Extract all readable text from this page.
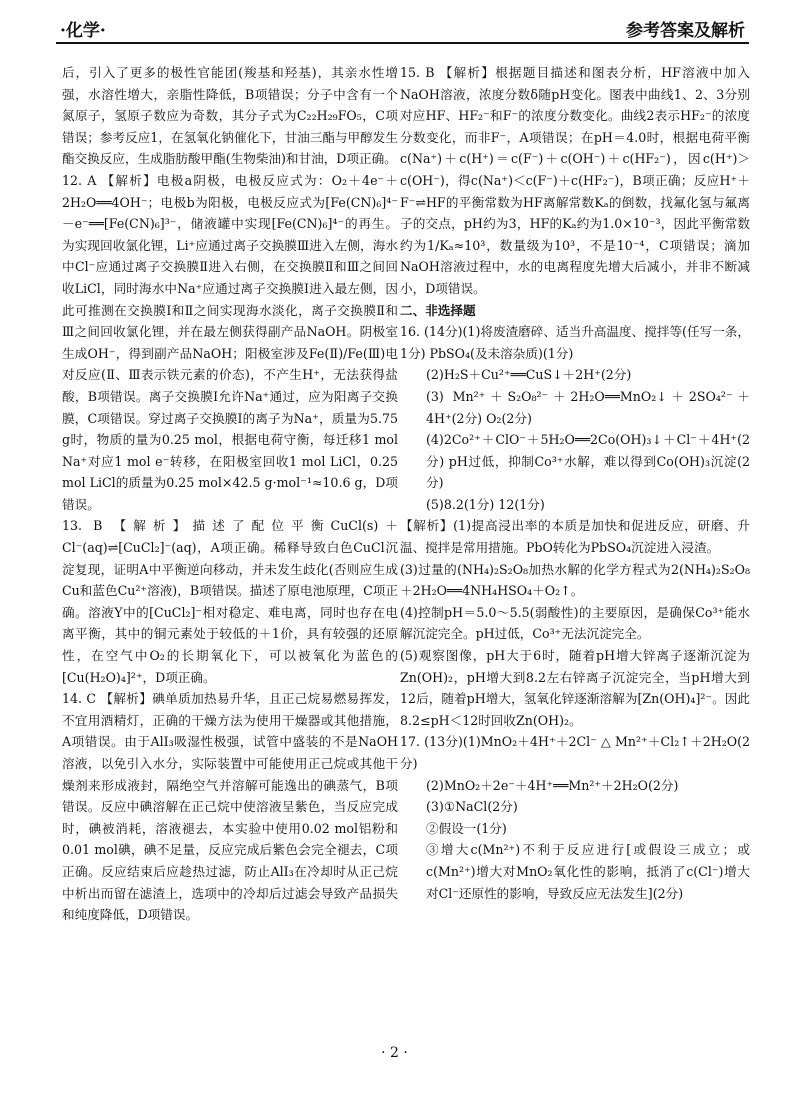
·化学·	参考答案及解析

后，引入了更多的极性官能团(羧基和羟基)，其亲水性增强，水溶性增大，亲脂性降低，B项错误；分子中含有一个氮原子，氢原子数应为奇数，其分子式为C₂₂H₂₉FO₅，C项错误；参考反应1，在氢氧化钠催化下，甘油三酯与甲醇发生酯交换反应，生成脂肪酸甲酯(生物柴油)和甘油，D项正确。

12. A 【解析】电极a阴极，电极反应式为：O₂＋4e⁻＋2H₂O══4OH⁻；电极b为阳极，电极反应式为[Fe(CN)₆]⁴⁻－e⁻══[Fe(CN)₆]³⁻，储液罐中实现[Fe(CN)₆]⁴⁻的再生。为实现回收氯化锂，Li⁺应通过离子交换膜Ⅲ进入左侧，海水中Cl⁻应通过离子交换膜Ⅱ进入右侧，在交换膜Ⅱ和Ⅲ之间回收LiCl，同时海水中Na⁺应通过离子交换膜Ⅰ进入最左侧，因此可推测在交换膜Ⅰ和Ⅱ之间实现海水淡化，离子交换膜Ⅱ和Ⅲ之间回收氯化锂，并在最左侧获得副产品NaOH。阴极室生成OH⁻，得到副产品NaOH；阳极室涉及Fe(Ⅱ)/Fe(Ⅲ)电对反应(Ⅱ、Ⅲ表示铁元素的价态)，不产生H⁺，无法获得盐酸，B项错误。离子交换膜Ⅰ允许Na⁺通过，应为阳离子交换膜，C项错误。穿过离子交换膜Ⅰ的离子为Na⁺，质量为5.75 g时，物质的量为0.25 mol，根据电荷守衡，每迁移1 mol Na⁺对应1 mol e⁻转移，在阳极室回收1 mol LiCl，0.25 mol LiCl的质量为0.25 mol×42.5 g·mol⁻¹≈10.6 g，D项错误。

13. B 【解析】描述了配位平衡CuCl(s)＋Cl⁻(aq)⇌[CuCl₂]⁻(aq)，A项正确。稀释导致白色CuCl沉淀复现，证明A中平衡逆向移动，并未发生歧化(否则应生成Cu和蓝色Cu²⁺溶液)，B项错误。描述了原电池原理，C项正确。溶液Y中的[CuCl₂]⁻相对稳定、难电离，同时也存在电离平衡，其中的铜元素处于较低的＋1价，具有较强的还原性，在空气中O₂的长期氧化下，可以被氧化为蓝色的[Cu(H₂O)₄]²⁺，D项正确。

14. C 【解析】碘单质加热易升华，且正己烷易燃易挥发，不宜用酒精灯，正确的干燥方法为使用干燥器或其他措施，A项错误。由于AlI₃吸湿性极强，试管中盛装的不是NaOH溶液，以免引入水分，实际装置中可能使用正己烷或其他干燥剂来形成液封，隔绝空气并溶解可能逸出的碘蒸气，B项错误。反应中碘溶解在正己烷中使溶液呈紫色，当反应完成时，碘被消耗，溶液褪去，本实验中使用0.02 mol铝粉和0.01 mol碘，碘不足量，反应完成后紫色会完全褪去，C项正确。反应结束后应趁热过滤，防止AlI₃在冷却时从正己烷中析出而留在滤渣上，选项中的冷却后过滤会导致产品损失和纯度降低，D项错误。

15. B 【解析】根据题目描述和图表分析，HF溶液中加入NaOH溶液，浓度分数δ随pH变化。图表中曲线1、2、3分别对应HF、HF₂⁻和F⁻的浓度分数变化。曲线2表示HF₂⁻的浓度分数变化，而非F⁻，A项错误；在pH＝4.0时，根据电荷平衡c(Na⁺)＋c(H⁺)＝c(F⁻)＋c(OH⁻)＋c(HF₂⁻)，因c(H⁺)＞c(OH⁻)，得c(Na⁺)＜c(F⁻)＋c(HF₂⁻)，B项正确；反应H⁺＋F⁻⇌HF的平衡常数为HF离解常数Kₐ的倒数，找氟化氢与氟离子的交点，pH约为3，HF的Kₐ约为1.0×10⁻³，因此平衡常数约为1/Kₐ≈10³，数量级为10³，不是10⁻⁴，C项错误；滴加NaOH溶液过程中，水的电离程度先增大后减小，并非不断减小，D项错误。

二、非选择题

16. (14分)(1)将废渣磨碎、适当升高温度、搅拌等(任写一条，1分) PbSO₄(及未溶杂质)(1分)

(2)H₂S＋Cu²⁺══CuS↓＋2H⁺(2分)

(3) Mn²⁺＋S₂O₈²⁻＋2H₂O══MnO₂↓＋2SO₄²⁻＋4H⁺(2分) O₂(2分)

(4)2Co²⁺＋ClO⁻＋5H₂O══2Co(OH)₃↓＋Cl⁻＋4H⁺(2分) pH过低，抑制Co³⁺水解，难以得到Co(OH)₃沉淀(2分)

(5)8.2(1分) 12(1分)

【解析】(1)提高浸出率的本质是加快和促进反应，研磨、升温、搅拌是常用措施。PbO转化为PbSO₄沉淀进入浸渣。

(3)过量的(NH₄)₂S₂O₈加热水解的化学方程式为2(NH₄)₂S₂O₈＋2H₂O══4NH₄HSO₄＋O₂↑。

(4)控制pH＝5.0～5.5(弱酸性)的主要原因，是确保Co³⁺能水解沉淀完全。pH过低，Co³⁺无法沉淀完全。

(5)观察图像，pH大于6时，随着pH增大锌离子逐渐沉淀为Zn(OH)₂，pH增大到8.2左右锌离子沉淀完全，当pH增大到12后，随着pH增大，氢氧化锌逐渐溶解为[Zn(OH)₄]²⁻。因此8.2≤pH＜12时回收Zn(OH)₂。

17. (13分)(1)MnO₂＋4H⁺＋2Cl⁻ △ Mn²⁺＋Cl₂↑＋2H₂O(2分)

(2)MnO₂＋2e⁻＋4H⁺══Mn²⁺＋2H₂O(2分)

(3)①NaCl(2分)

②假设一(1分)

③增大c(Mn²⁺)不利于反应进行[或假设三成立；或c(Mn²⁺)增大对MnO₂氧化性的影响，抵消了c(Cl⁻)增大对Cl⁻还原性的影响，导致反应无法发生](2分)

· 2 ·
